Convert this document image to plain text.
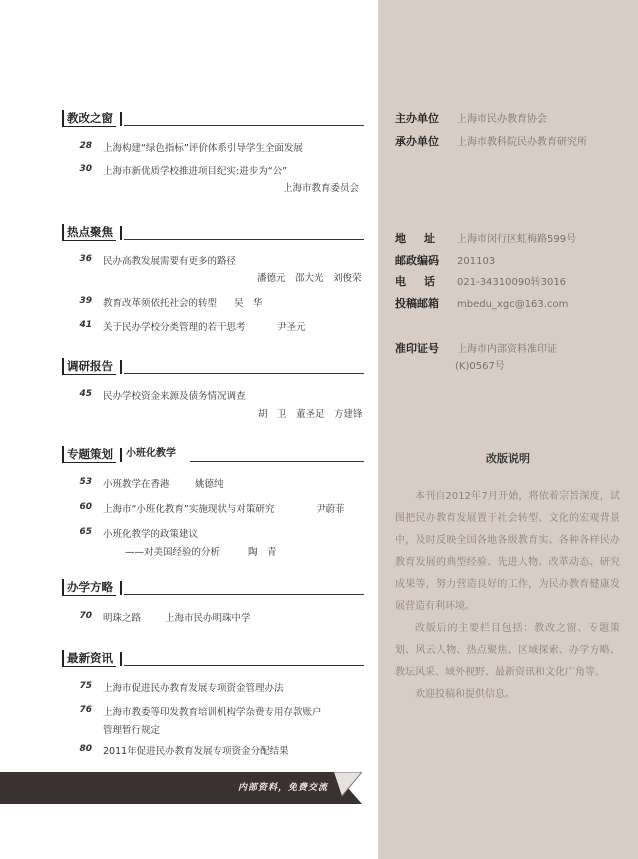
教改之窗
28 上海构建“绿色指标”评价体系引导学生全面发展
30 上海市新优质学校推进项目纪实:进步为“公”
上海市教育委员会
热点聚焦
36 民办高教发展需要有更多的路径
潘德元　邵大光　刘俊荣
39 教育改革须依托社会的转型 吴　华
41 关于民办学校分类管理的若干思考	尹圣元
调研报告
45 民办学校资金来源及债务情况调查
胡　卫　董圣足　方建锋
专题策划	小班化教学
53 小班教学在香港	姚德纯
60 上海市“小班化教育”实施现状与对策研究	尹蔚菲
65 小班化教学的政策建议
——对美国经验的分析	陶　青
办学方略
70 明珠之路	上海市民办明珠中学
最新资讯
75 上海市促进民办教育发展专项资金管理办法
76 上海市教委等印发教育培训机构学杂费专用存款账户
管理暂行规定
80 2011年促进民办教育发展专项资金分配结果
内部资料，免费交流
主办单位 上海市民办教育协会
承办单位 上海市教科院民办教育研究所
地址 上海市闵行区虹梅路599号
邮政编码 201103
电话 021-34310090转3016
投稿邮箱 mbedu_xgc@163.com
准印证号 上海市内部资料准印证
(K)0567号
改版说明

本刊自2012年7月开始，将依着宗旨深度，试图把民办教育发展置于社会转型、文化的宏观背景中，及时反映全国各地各级教育实、各种各样民办教育发展的典型经验、先进人物、改革动态、研究成果等，努力营造良好的工作，为民办教育健康发展营造有利环境。

改版后的主要栏目包括：教改之窗、专题策划、风云人物、热点聚焦、区域探索、办学方略、教坛风采、域外视野、最新资讯和文化广角等。

欢迎投稿和提供信息。
